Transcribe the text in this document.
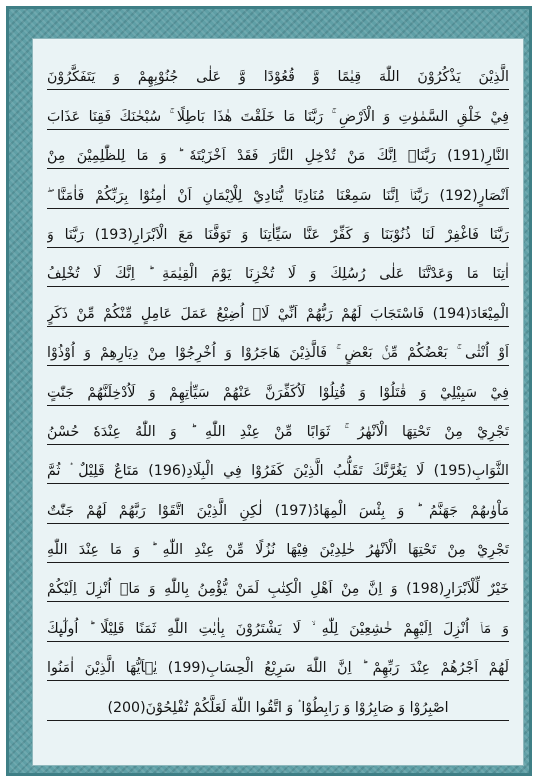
الَّذِيْنَ يَذْكُرُوْنَ اللّٰهَ قِيٰمًا وَّ قُعُوْدًا وَّ عَلٰى جُنُوْبِهِمْ وَ يَتَفَكَّرُوْنَ
فِيْ خَلْقِ السَّمٰوٰتِ وَ الْاَرْضِ ۚ رَبَّنَا مَا خَلَقْتَ هٰذَا بَاطِلًا ۚ سُبْحٰنَكَ فَقِنَا عَذَابَ
النَّارِ(191) رَبَّنَاۤ اِنَّكَ مَنْ تُدْخِلِ النَّارَ فَقَدْ اَخْزَيْتَهٗ ؕ وَ مَا لِلظّٰلِمِيْنَ مِنْ
اَنْصَارٍ(192) رَبَّنَاۤ اِنَّنَا سَمِعْنَا مُنَادِيًا يُّنَادِيْ لِلْاِيْمَانِ اَنْ اٰمِنُوْا بِرَبِّكُمْ فَاٰمَنَّا ۖ
رَبَّنَا فَاغْفِرْ لَنَا ذُنُوْبَنَا وَ كَفِّرْ عَنَّا سَيِّاٰتِنَا وَ تَوَفَّنَا مَعَ الْاَبْرَارِ(193) رَبَّنَا وَ
اٰتِنَا مَا وَعَدْتَّنَا عَلٰى رُسُلِكَ وَ لَا تُخْزِنَا يَوْمَ الْقِيٰمَةِ ؕ اِنَّكَ لَا تُخْلِفُ
الْمِيْعَادَ(194) فَاسْتَجَابَ لَهُمْ رَبُّهُمْ اَنِّيْ لَاۤ اُضِيْعُ عَمَلَ عَامِلٍ مِّنْكُمْ مِّنْ ذَكَرٍ
اَوْ اُنْثٰى ۚ بَعْضُكُمْ مِّنْۢ بَعْضٍ ۚ فَالَّذِيْنَ هَاجَرُوْا وَ اُخْرِجُوْا مِنْ دِيَارِهِمْ وَ اُوْذُوْا
فِيْ سَبِيْلِيْ وَ قٰتَلُوْا وَ قُتِلُوْا لَاُكَفِّرَنَّ عَنْهُمْ سَيِّاٰتِهِمْ وَ لَاُدْخِلَنَّهُمْ جَنّٰتٍ
تَجْرِيْ مِنْ تَحْتِهَا الْاَنْهٰرُ ۚ ثَوَابًا مِّنْ عِنْدِ اللّٰهِ ؕ وَ اللّٰهُ عِنْدَهٗ حُسْنُ
الثَّوَابِ(195) لَا يَغُرَّنَّكَ تَقَلُّبُ الَّذِيْنَ كَفَرُوْا فِي الْبِلَادِ(196) مَتَاعٌ قَلِيْلٌ ۟ ثُمَّ
مَاْوٰىهُمْ جَهَنَّمُ ؕ وَ بِئْسَ الْمِهَادُ(197) لٰكِنِ الَّذِيْنَ اتَّقَوْا رَبَّهُمْ لَهُمْ جَنّٰتٌ
تَجْرِيْ مِنْ تَحْتِهَا الْاَنْهٰرُ خٰلِدِيْنَ فِيْهَا نُزُلًا مِّنْ عِنْدِ اللّٰهِ ؕ وَ مَا عِنْدَ اللّٰهِ
خَيْرٌ لِّلْاَبْرَارِ(198) وَ اِنَّ مِنْ اَهْلِ الْكِتٰبِ لَمَنْ يُّؤْمِنُ بِاللّٰهِ وَ مَاۤ اُنْزِلَ اِلَيْكُمْ
وَ مَاۤ اُنْزِلَ اِلَيْهِمْ خٰشِعِيْنَ لِلّٰهِ ۙ لَا يَشْتَرُوْنَ بِاٰيٰتِ اللّٰهِ ثَمَنًا قَلِيْلًا ؕ اُولٰٓىِٕكَ
لَهُمْ اَجْرُهُمْ عِنْدَ رَبِّهِمْ ؕ اِنَّ اللّٰهَ سَرِيْعُ الْحِسَابِ(199) يٰۤاَيُّهَا الَّذِيْنَ اٰمَنُوا
اصْبِرُوْا وَ صَابِرُوْا وَ رَابِطُوْا ۟ وَ اتَّقُوا اللّٰهَ لَعَلَّكُمْ تُفْلِحُوْنَ(200)
